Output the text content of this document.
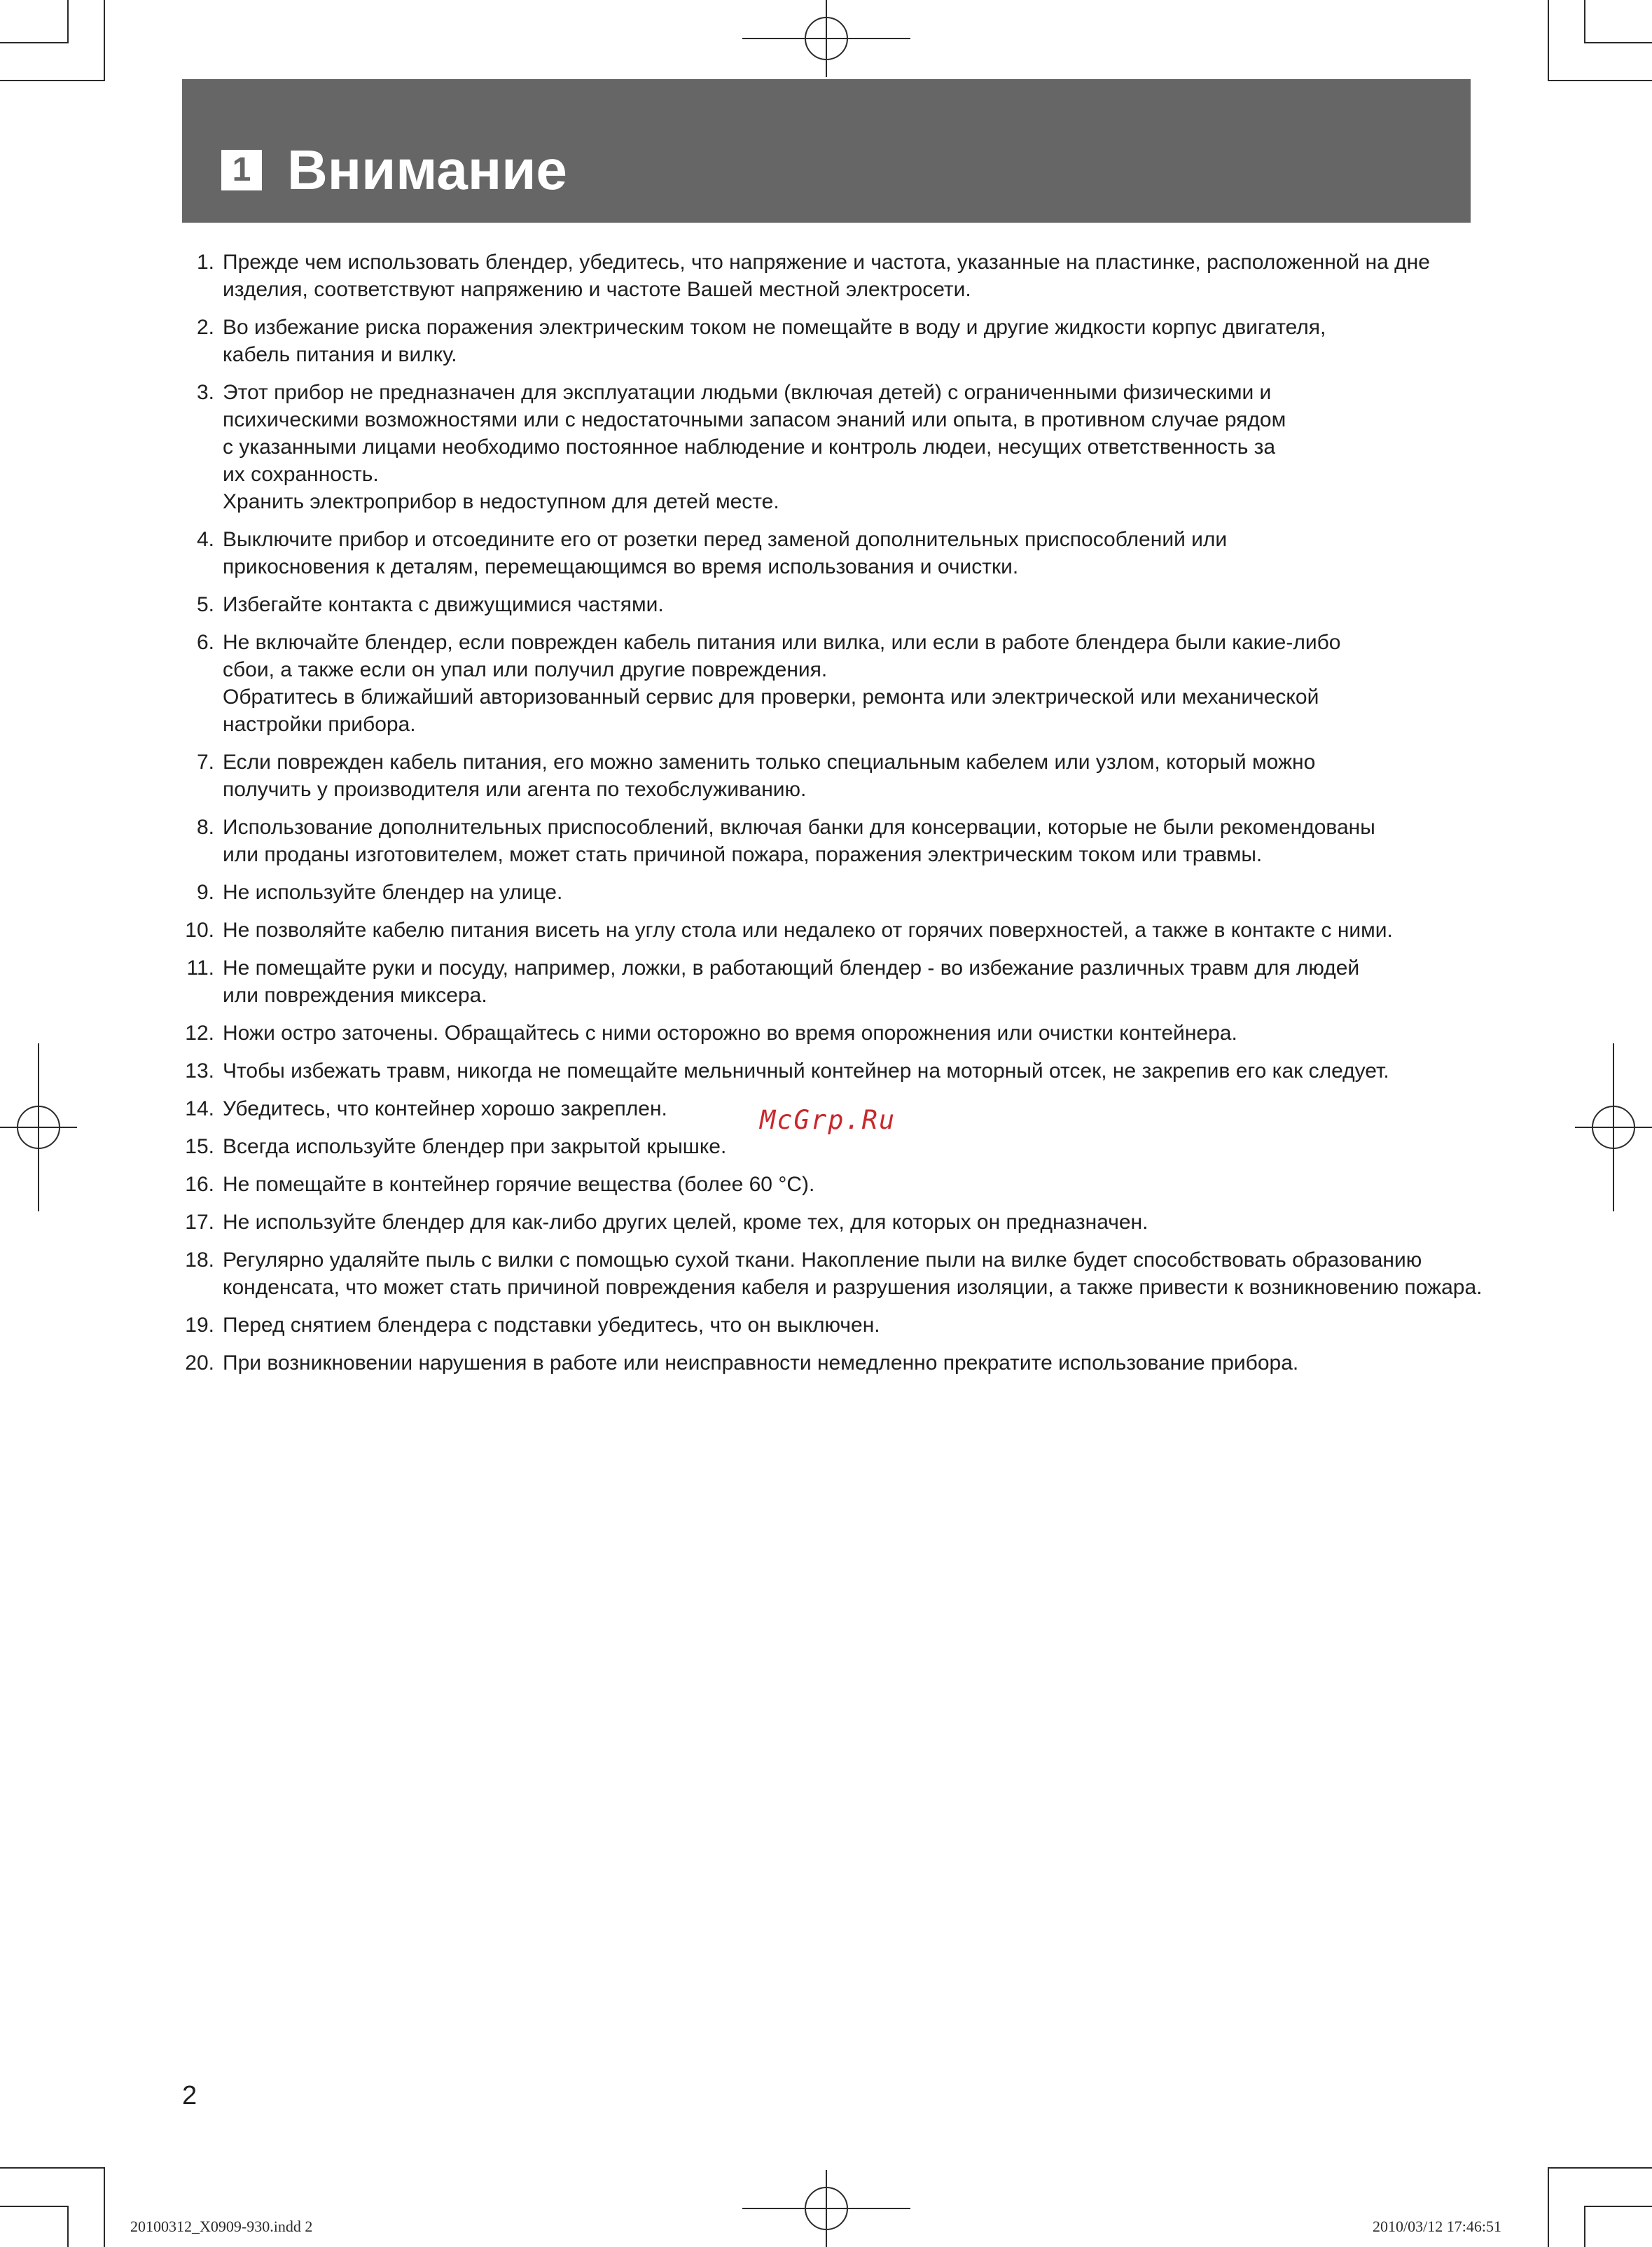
1 Внимание
1. Прежде чем использовать блендер, убедитесь, что напряжение и частота, указанные на пластинке, расположенной на дне
изделия, соответствуют напряжению и частоте Вашей местной электросети.
2. Во избежание риска поражения электрическим током не помещайте в воду и другие жидкости корпус двигателя,
кабель питания и вилку.
3. Этот прибор не предназначен для эксплуатации людьми (включая детей) с ограниченными физическими и
психическими возможностями или с недостаточными запасом энаний или опыта, в противном случае рядом
с указанными лицами необходимо постоянное наблюдение и контроль людеи, несущих ответственность за
их сохранность.
Хранить электроприбор в недоступном для детей месте.
4. Выключите прибор и отсоедините его от розетки перед заменой дополнительных приспособлений или
прикосновения к деталям, перемещающимся во время использования и очистки.
5. Избегайте контакта с движущимися частями.
6. Не включайте блендер, если поврежден кабель питания или вилка, или если в работе блендера были какие-либо
сбои, а также если он упал или получил другие повреждения.
Обратитесь в ближайший авторизованный сервис для проверки, ремонта или электрической или механической
настройки прибора.
7. Если поврежден кабель питания, его можно заменить только специальным кабелем или узлом, который можно
получить у производителя или агента по техобслуживанию.
8. Использование дополнительных приспособлений, включая банки для консервации, которые не были рекомендованы
или проданы изготовителем, может стать причиной пожара, поражения электрическим током или травмы.
9. Не используйте блендер на улице.
10. Не позволяйте кабелю питания висеть на углу стола или недалеко от горячих поверхностей, а также в контакте с ними.
11. Не помещайте руки и посуду, например, ложки, в работающий блендер - во избежание различных травм для людей
или повреждения миксера.
12. Ножи остро заточены. Обращайтесь с ними осторожно во время опорожнения или очистки контейнера.
13. Чтобы избежать травм, никогда не помещайте мельничный контейнер на моторный отсек, не закрепив его как следует.
14. Убедитесь, что контейнер хорошо закреплен.
15. Всегда используйте блендер при закрытой крышке.
16. Не помещайте в контейнер горячие вещества (более 60 °C).
17. Не используйте блендер для как-либо других целей, кроме тех, для которых он предназначен.
18. Регулярно удаляйте пыль с вилки с помощью сухой ткани. Накопление пыли на вилке будет способствовать образованию
конденсата, что может стать причиной повреждения кабеля и разрушения изоляции, а также привести к возникновению пожара.
19. Перед снятием блендера с подставки убедитесь, что он выключен.
20. При возникновении нарушения в работе или неисправности немедленно прекратите использование прибора.
McGrp.Ru
2
20100312_X0909-930.indd 2	2010/03/12 17:46:51
